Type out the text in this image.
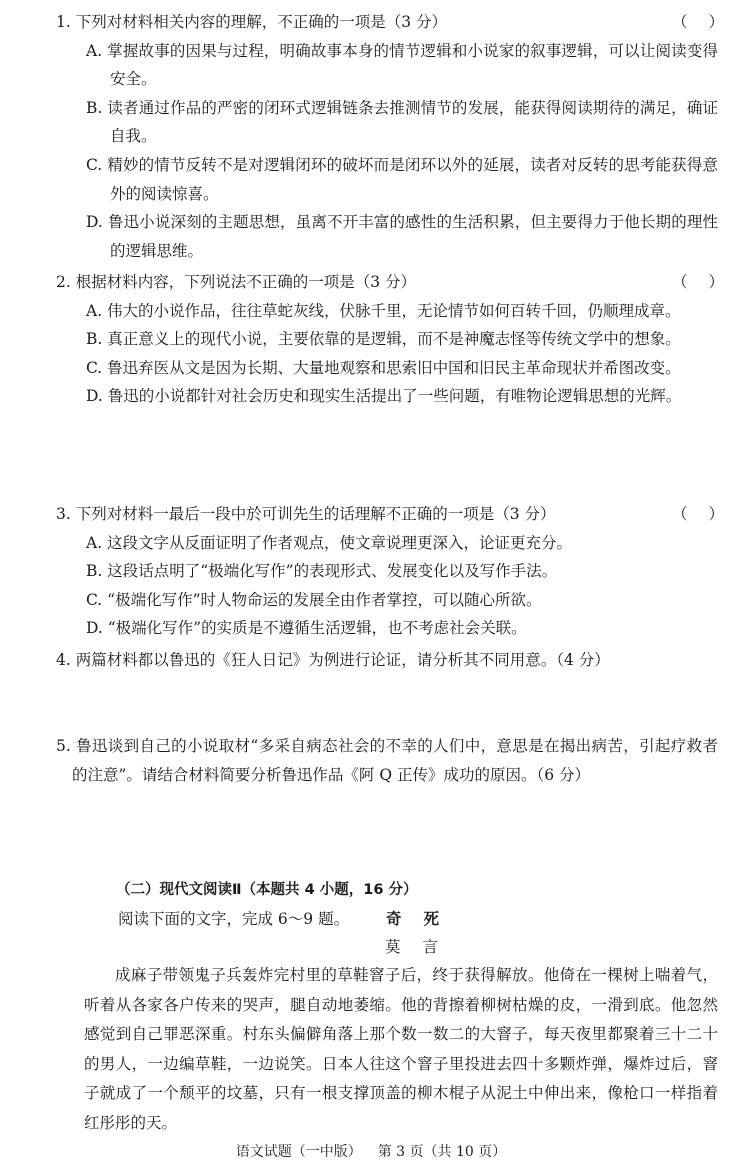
1. 下列对材料相关内容的理解，不正确的一项是（3 分）	（ ）
A. 掌握故事的因果与过程，明确故事本身的情节逻辑和小说家的叙事逻辑，可以让阅读变得安全。
B. 读者通过作品的严密的闭环式逻辑链条去推测情节的发展，能获得阅读期待的满足，确证自我。
C. 精妙的情节反转不是对逻辑闭环的破坏而是闭环以外的延展，读者对反转的思考能获得意外的阅读惊喜。
D. 鲁迅小说深刻的主题思想，虽离不开丰富的感性的生活积累，但主要得力于他长期的理性的逻辑思维。
2. 根据材料内容，下列说法不正确的一项是（3 分）	（ ）
A. 伟大的小说作品，往往草蛇灰线，伏脉千里，无论情节如何百转千回，仍顺理成章。
B. 真正意义上的现代小说，主要依靠的是逻辑，而不是神魔志怪等传统文学中的想象。
C. 鲁迅弃医从文是因为长期、大量地观察和思索旧中国和旧民主革命现状并希图改变。
D. 鲁迅的小说都针对社会历史和现实生活提出了一些问题，有唯物论逻辑思想的光辉。
3. 下列对材料一最后一段中於可训先生的话理解不正确的一项是（3 分）	（ ）
A. 这段文字从反面证明了作者观点，使文章说理更深入，论证更充分。
B. 这段话点明了“极端化写作”的表现形式、发展变化以及写作手法。
C. “极端化写作”时人物命运的发展全由作者掌控，可以随心所欲。
D. “极端化写作”的实质是不遵循生活逻辑，也不考虑社会关联。
4. 两篇材料都以鲁迅的《狂人日记》为例进行论证，请分析其不同用意。（4 分）
5. 鲁迅谈到自己的小说取材“多采自病态社会的不幸的人们中，意思是在揭出病苦，引起疗救者的注意”。请结合材料简要分析鲁迅作品《阿 Q 正传》成功的原因。（6 分）
（二）现代文阅读Ⅱ（本题共 4 小题，16 分）
阅读下面的文字，完成 6～9 题。 奇死
莫言
成麻子带领鬼子兵轰炸完村里的草鞋窨子后，终于获得解放。他倚在一棵树上喘着气，听着从各家各户传来的哭声，腿自动地萎缩。他的背擦着柳树枯燥的皮，一滑到底。他忽然感觉到自己罪恶深重。村东头偏僻角落上那个数一数二的大窨子，每天夜里都聚着三十二十的男人，一边编草鞋，一边说笑。日本人往这个窨子里投进去四十多颗炸弹，爆炸过后，窨子就成了一个颓平的坟墓，只有一根支撑顶盖的柳木棍子从泥土中伸出来，像枪口一样指着红彤彤的天。
语文试题（一中版） 第 3 页（共 10 页）
